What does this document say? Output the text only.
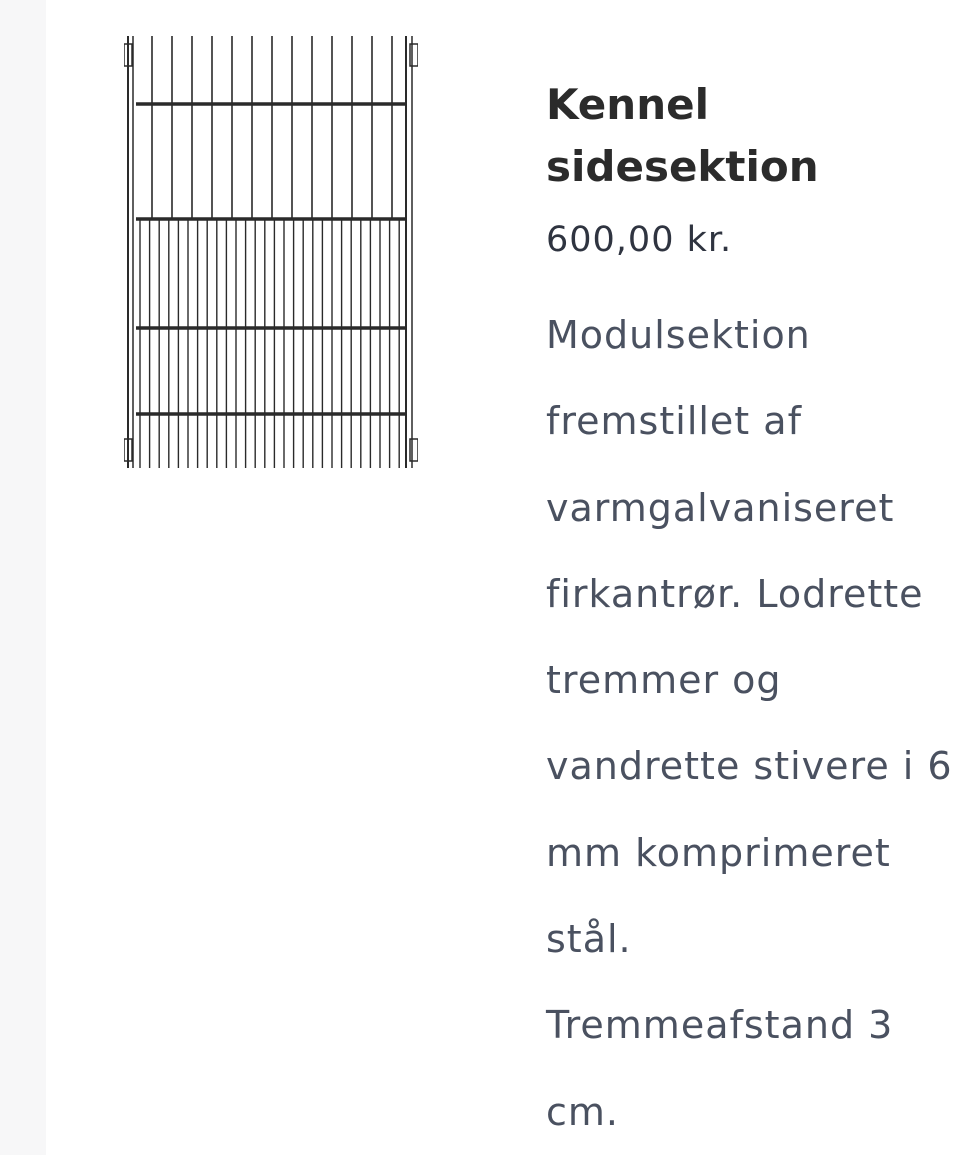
Kennel
sidesektion
600,00 kr.
Modulsektion
fremstillet af
varmgalvaniseret
firkantrør. Lodrette
tremmer og
vandrette stivere i 6
mm komprimeret
stål.
Tremmeafstand 3
cm.
